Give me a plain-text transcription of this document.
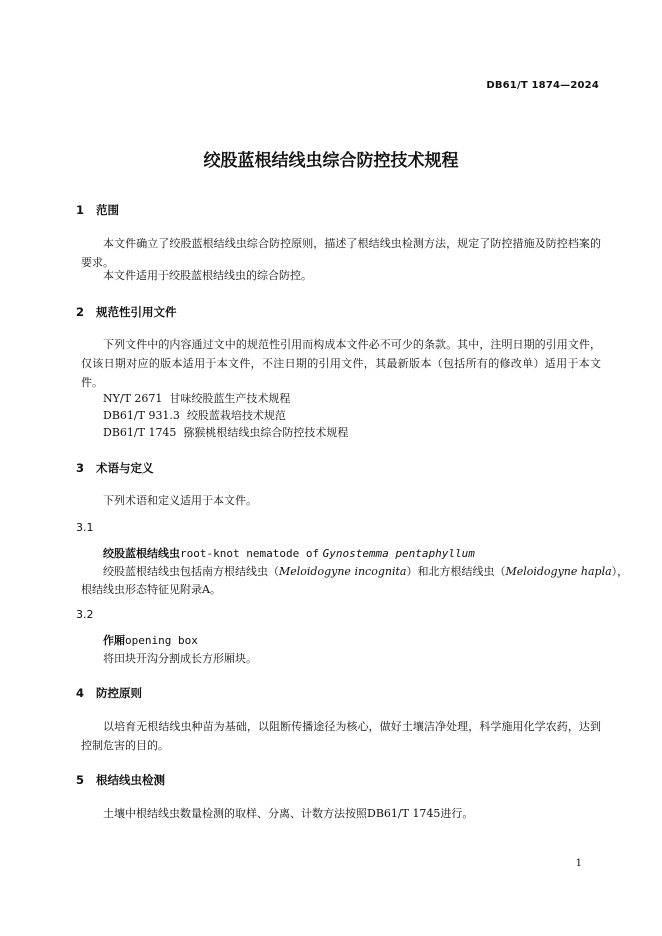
DB61/T 1874—2024
绞股蓝根结线虫综合防控技术规程
1 范围
本文件确立了绞股蓝根结线虫综合防控原则，描述了根结线虫检测方法，规定了防控措施及防控档案的要求。
本文件适用于绞股蓝根结线虫的综合防控。
2 规范性引用文件
下列文件中的内容通过文中的规范性引用而构成本文件必不可少的条款。其中，注明日期的引用文件，仅该日期对应的版本适用于本文件，不注日期的引用文件，其最新版本（包括所有的修改单）适用于本文件。
NY/T 2671 甘味绞股蓝生产技术规程
DB61/T 931.3 绞股蓝栽培技术规范
DB61/T 1745 猕猴桃根结线虫综合防控技术规程
3 术语与定义
下列术语和定义适用于本文件。
3.1
绞股蓝根结线虫root-knot nematode of Gynostemma pentaphyllum
绞股蓝根结线虫包括南方根结线虫（Meloidogyne incognita）和北方根结线虫（Meloidogyne hapla），
根结线虫形态特征见附录A。
3.2
作厢opening box
将田块开沟分割成长方形厢块。
4 防控原则
以培育无根结线虫种苗为基础，以阻断传播途径为核心，做好土壤洁净处理，科学施用化学农药，达到控制危害的目的。
5 根结线虫检测
土壤中根结线虫数量检测的取样、分离、计数方法按照DB61/T 1745进行。
1
